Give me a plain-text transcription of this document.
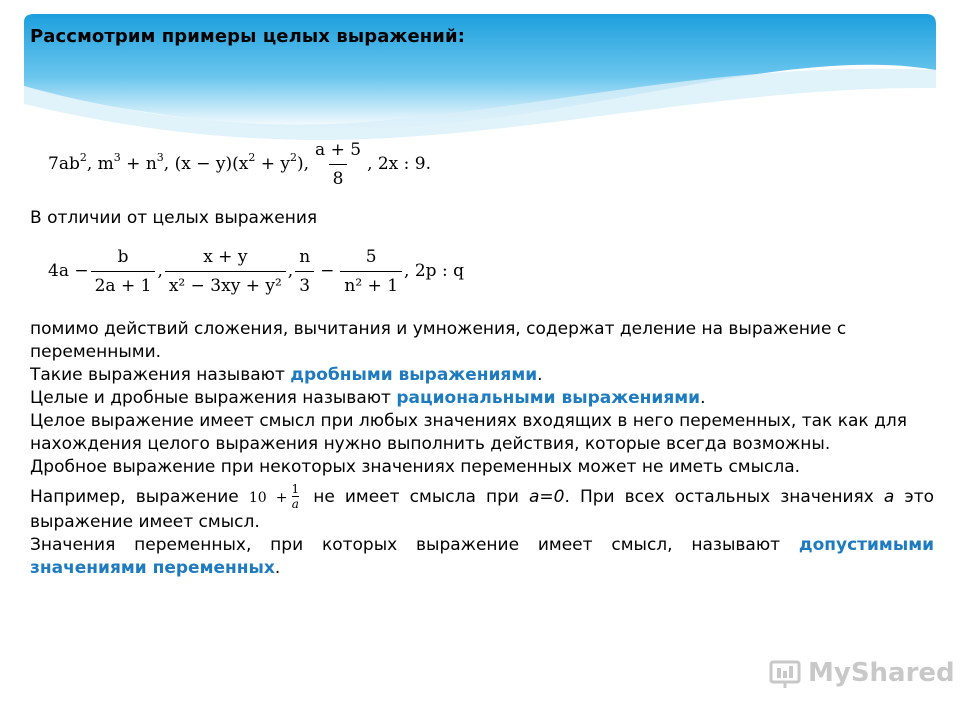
Рассмотрим примеры целых выражений:
7ab 2 , m 3 + n 3 , (x − y)(x 2 + y 2 ), $\frac{a + 5}{8}$ , 2x : 9.
В отличии от целых выражения
$4a - \frac{b}{2a + 1}$ , $\frac{x + y}{\text{x² − 3xy + y²}}$ , $\frac{n}{3} - \frac{5}{\text{n² + 1}}$ , 2p : q

помимо действий сложения, вычитания и умножения, содержат деление на выражение с переменными.

Такие выражения называют дробными выражениями.

Целые и дробные выражения называют рациональными выражениями.

Целое выражение имеет смысл при любых значениях входящих в него переменных, так как для нахождения целого выражения нужно выполнить действия, которые всегда возможны.

Дробное выражение при некоторых значениях переменных может не иметь смысла.

Например, выражение $10 + \frac{1}{a}$ не имеет смысла при a=0. При всех остальных значениях a это выражение имеет смысл.

Значения переменных, при которых выражение имеет смысл, называют допустимыми значениями переменных.

MyShared
